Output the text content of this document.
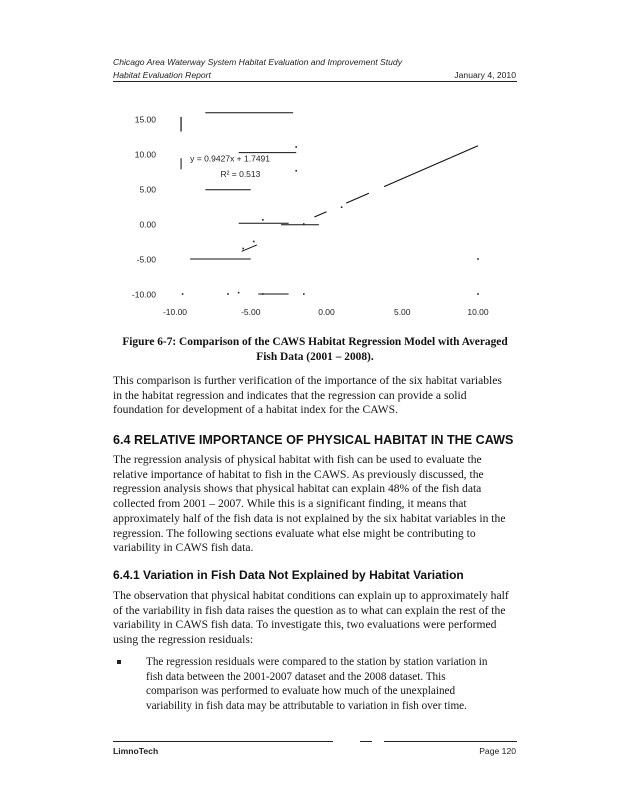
Chicago Area Waterway System Habitat Evaluation and Improvement Study
Habitat Evaluation Report	January 4, 2010
15.00
10.00
5.00
0.00
-5.00
-10.00
-10.00	-5.00	0.00	5.00	10.00
y = 0.9427x + 1.7491
R² = 0.513
Figure 6-7: Comparison of the CAWS Habitat Regression Model with Averaged
Fish Data (2001 – 2008).
This comparison is further verification of the importance of the six habitat variables
in the habitat regression and indicates that the regression can provide a solid
foundation for development of a habitat index for the CAWS.
6.4 RELATIVE IMPORTANCE OF PHYSICAL HABITAT IN THE CAWS
The regression analysis of physical habitat with fish can be used to evaluate the
relative importance of habitat to fish in the CAWS. As previously discussed, the
regression analysis shows that physical habitat can explain 48% of the fish data
collected from 2001 – 2007. While this is a significant finding, it means that
approximately half of the fish data is not explained by the six habitat variables in the
regression. The following sections evaluate what else might be contributing to
variability in CAWS fish data.
6.4.1 Variation in Fish Data Not Explained by Habitat Variation
The observation that physical habitat conditions can explain up to approximately half
of the variability in fish data raises the question as to what can explain the rest of the
variability in CAWS fish data. To investigate this, two evaluations were performed
using the regression residuals:
The regression residuals were compared to the station by station variation in
fish data between the 2001-2007 dataset and the 2008 dataset. This
comparison was performed to evaluate how much of the unexplained
variability in fish data may be attributable to variation in fish over time.
LimnoTech	Page 120
